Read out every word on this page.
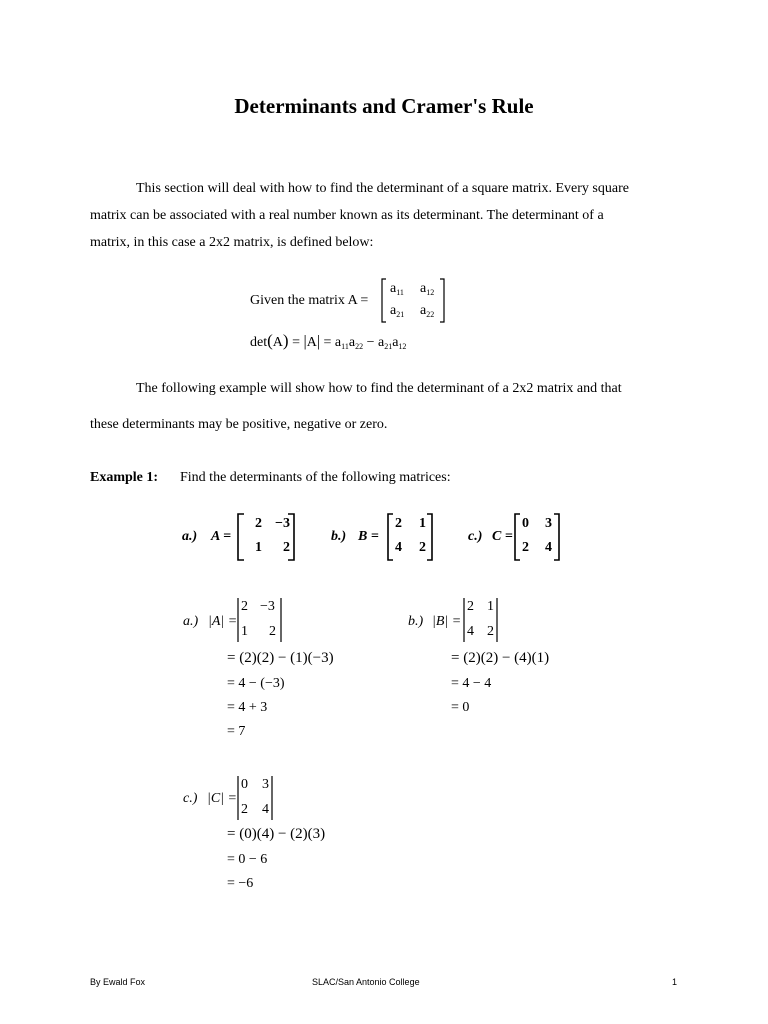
Determinants and Cramer's Rule
This section will deal with how to find the determinant of a square matrix. Every square
matrix can be associated with a real number known as its determinant. The determinant of a
matrix, in this case a 2x2 matrix, is defined below:
Given the matrix A =
$a_{11}$ $a_{12}$
$a_{21}$ $a_{22}$
$\det(A) = |A| = a_{11}a_{22} - a_{21}a_{12}$
The following example will show how to find the determinant of a 2x2 matrix and that
these determinants may be positive, negative or zero.
Example 1: Find the determinants of the following matrices:
a.) A =
2 −3
1	2
b.) B =
2 1
4 2
c.) C =
0 3
2 4
a.) |A| =
2 −3
1 2
= (2)(2) − (1)(−3)
= 4 − (−3)
= 4 + 3
= 7
b.) |B| =
2 1
4 2
= (2)(2) − (4)(1)
= 4 − 4
= 0
c.) |C| =
0 3
2 4
= (0)(4) − (2)(3)
= 0 − 6
= −6
By Ewald Fox	SLAC/San Antonio College	1
